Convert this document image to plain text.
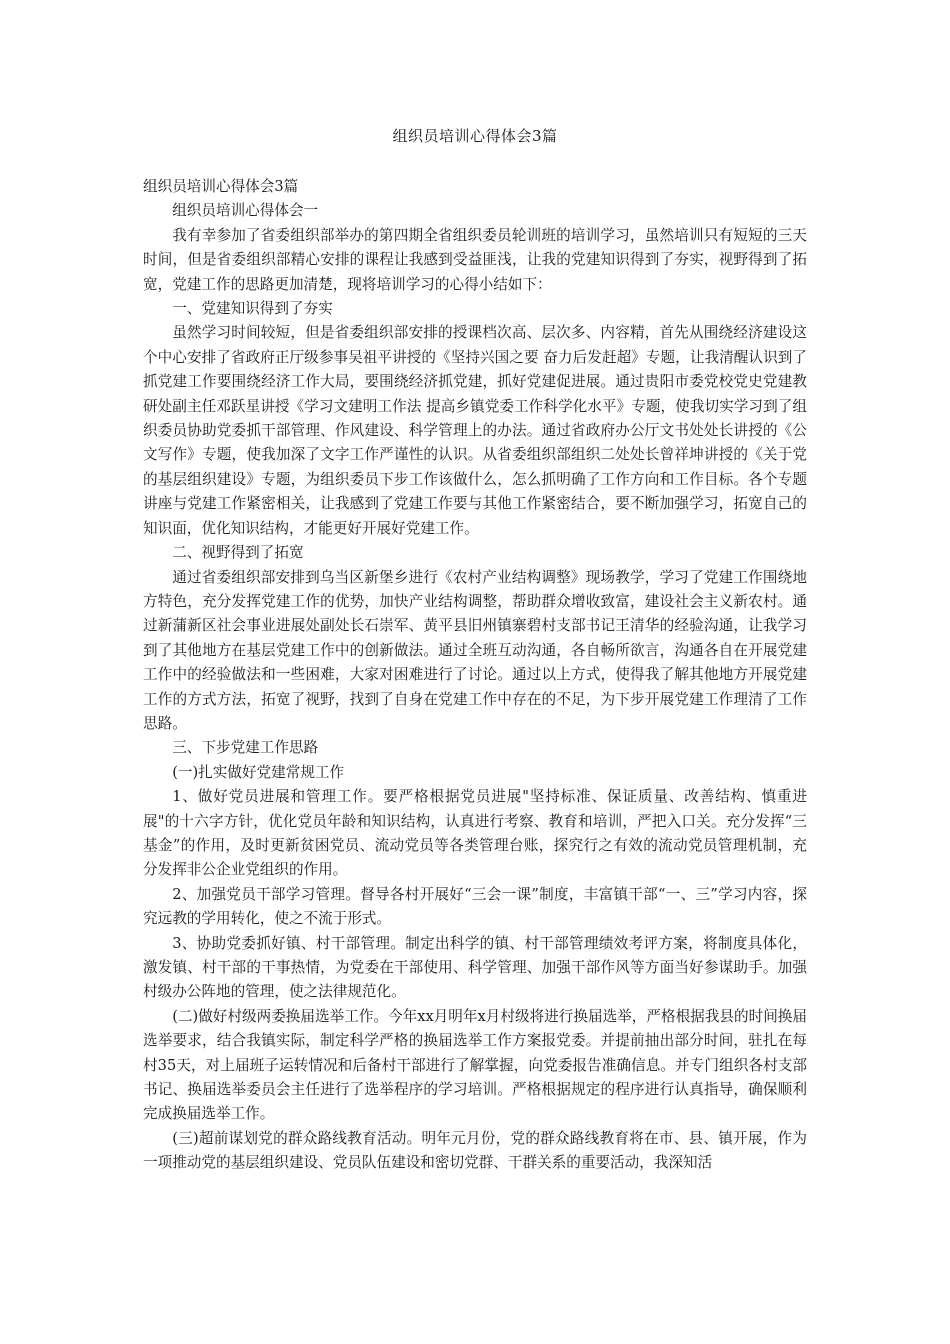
组织员培训心得体会3篇

组织员培训心得体会3篇

组织员培训心得体会一

我有幸参加了省委组织部举办的第四期全省组织委员轮训班的培训学习，虽然培训只有短短的三天时间，但是省委组织部精心安排的课程让我感到受益匪浅，让我的党建知识得到了夯实，视野得到了拓宽，党建工作的思路更加清楚，现将培训学习的心得小结如下：

一、党建知识得到了夯实

虽然学习时间较短，但是省委组织部安排的授课档次高、层次多、内容精，首先从围绕经济建设这个中心安排了省政府正厅级参事吴祖平讲授的《坚持兴国之要 奋力后发赶超》专题，让我清醒认识到了抓党建工作要围绕经济工作大局，要围绕经济抓党建，抓好党建促进展。通过贵阳市委党校党史党建教研处副主任邓跃星讲授《学习文建明工作法 提高乡镇党委工作科学化水平》专题，使我切实学习到了组织委员协助党委抓干部管理、作风建设、科学管理上的办法。通过省政府办公厅文书处处长讲授的《公文写作》专题，使我加深了文字工作严谨性的认识。从省委组织部组织二处处长曾祥坤讲授的《关于党的基层组织建设》专题，为组织委员下步工作该做什么，怎么抓明确了工作方向和工作目标。各个专题讲座与党建工作紧密相关，让我感到了党建工作要与其他工作紧密结合，要不断加强学习，拓宽自己的知识面，优化知识结构，才能更好开展好党建工作。

二、视野得到了拓宽

通过省委组织部安排到乌当区新堡乡进行《农村产业结构调整》现场教学，学习了党建工作围绕地方特色，充分发挥党建工作的优势，加快产业结构调整，帮助群众增收致富，建设社会主义新农村。通过新蒲新区社会事业进展处副处长石崇军、黄平县旧州镇寨碧村支部书记王清华的经验沟通，让我学习到了其他地方在基层党建工作中的创新做法。通过全班互动沟通，各自畅所欲言，沟通各自在开展党建工作中的经验做法和一些困难，大家对困难进行了讨论。通过以上方式，使得我了解其他地方开展党建工作的方式方法，拓宽了视野，找到了自身在党建工作中存在的不足，为下步开展党建工作理清了工作思路。

三、下步党建工作思路

(一)扎实做好党建常规工作

1、做好党员进展和管理工作。要严格根据党员进展"坚持标准、保证质量、改善结构、慎重进展"的十六字方针，优化党员年龄和知识结构，认真进行考察、教育和培训，严把入口关。充分发挥“三基金”的作用，及时更新贫困党员、流动党员等各类管理台账，探究行之有效的流动党员管理机制，充分发挥非公企业党组织的作用。

2、加强党员干部学习管理。督导各村开展好“三会一课”制度，丰富镇干部“一、三”学习内容，探究远教的学用转化，使之不流于形式。

3、协助党委抓好镇、村干部管理。制定出科学的镇、村干部管理绩效考评方案，将制度具体化，激发镇、村干部的干事热情，为党委在干部使用、科学管理、加强干部作风等方面当好参谋助手。加强村级办公阵地的管理，使之法律规范化。

(二)做好村级两委换届选举工作。今年xx月明年x月村级将进行换届选举，严格根据我县的时间换届选举要求，结合我镇实际，制定科学严格的换届选举工作方案报党委。并提前抽出部分时间，驻扎在每村35天，对上届班子运转情况和后备村干部进行了解掌握，向党委报告准确信息。并专门组织各村支部书记、换届选举委员会主任进行了选举程序的学习培训。严格根据规定的程序进行认真指导，确保顺利完成换届选举工作。

(三)超前谋划党的群众路线教育活动。明年元月份，党的群众路线教育将在市、县、镇开展，作为一项推动党的基层组织建设、党员队伍建设和密切党群、干群关系的重要活动，我深知活
